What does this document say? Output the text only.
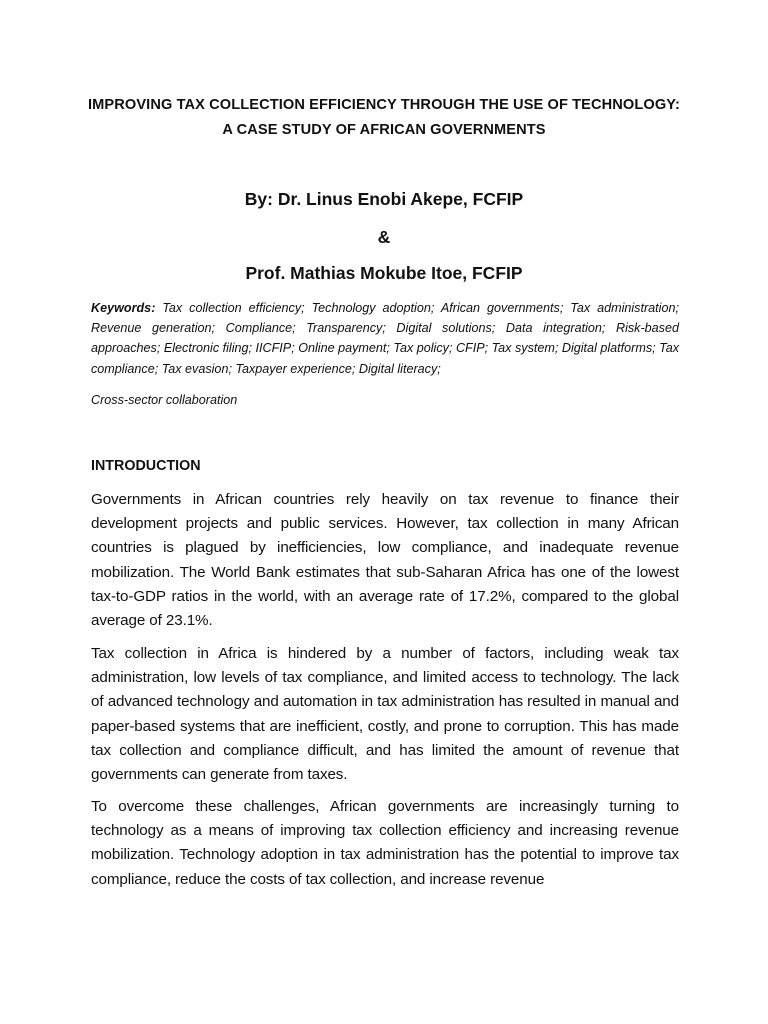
IMPROVING TAX COLLECTION EFFICIENCY THROUGH THE USE OF TECHNOLOGY:
A CASE STUDY OF AFRICAN GOVERNMENTS

By: Dr. Linus Enobi Akepe, FCFIP

&

Prof. Mathias Mokube Itoe, FCFIP

Keywords: Tax collection efficiency; Technology adoption; African governments; Tax administration; Revenue generation; Compliance; Transparency; Digital solutions; Data integration; Risk-based approaches; Electronic filing; IICFIP; Online payment; Tax policy; CFIP; Tax system; Digital platforms; Tax compliance; Tax evasion; Taxpayer experience; Digital literacy;

Cross-sector collaboration

INTRODUCTION

Governments in African countries rely heavily on tax revenue to finance their development projects and public services. However, tax collection in many African countries is plagued by inefficiencies, low compliance, and inadequate revenue mobilization. The World Bank estimates that sub-Saharan Africa has one of the lowest tax-to-GDP ratios in the world, with an average rate of 17.2%, compared to the global average of 23.1%.

Tax collection in Africa is hindered by a number of factors, including weak tax administration, low levels of tax compliance, and limited access to technology. The lack of advanced technology and automation in tax administration has resulted in manual and paper-based systems that are inefficient, costly, and prone to corruption. This has made tax collection and compliance difficult, and has limited the amount of revenue that governments can generate from taxes.

To overcome these challenges, African governments are increasingly turning to technology as a means of improving tax collection efficiency and increasing revenue mobilization. Technology adoption in tax administration has the potential to improve tax compliance, reduce the costs of tax collection, and increase revenue
